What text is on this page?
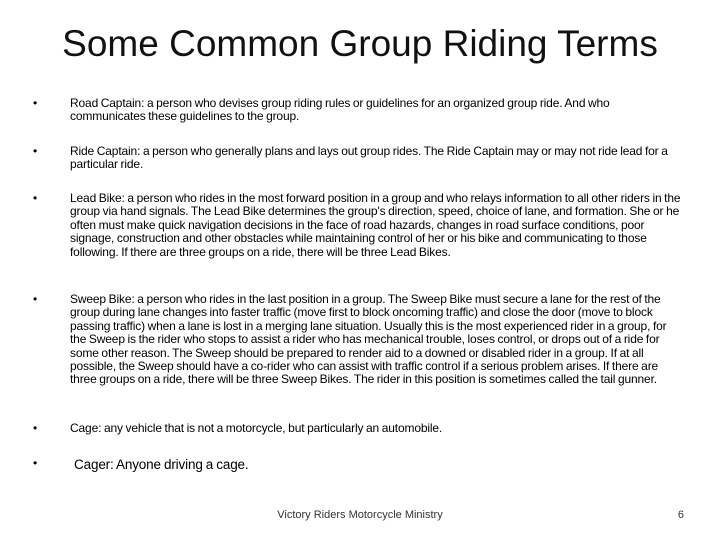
Some Common Group Riding Terms
•	Road Captain: a person who devises group riding rules or guidelines for an organized group ride. And who communicates these guidelines to the group.
•	Ride Captain: a person who generally plans and lays out group rides. The Ride Captain may or may not ride lead for a particular ride.
•	Lead Bike: a person who rides in the most forward position in a group and who relays information to all other riders in the group via hand signals. The Lead Bike determines the group's direction, speed, choice of lane, and formation. She or he often must make quick navigation decisions in the face of road hazards, changes in road surface conditions, poor signage, construction and other obstacles while maintaining control of her or his bike and communicating to those following. If there are three groups on a ride, there will be three Lead Bikes.
•	Sweep Bike: a person who rides in the last position in a group. The Sweep Bike must secure a lane for the rest of the group during lane changes into faster traffic (move first to block oncoming traffic) and close the door (move to block passing traffic) when a lane is lost in a merging lane situation. Usually this is the most experienced rider in a group, for the Sweep is the rider who stops to assist a rider who has mechanical trouble, loses control, or drops out of a ride for some other reason. The Sweep should be prepared to render aid to a downed or disabled rider in a group. If at all possible, the Sweep should have a co-rider who can assist with traffic control if a serious problem arises. If there are three groups on a ride, there will be three Sweep Bikes. The rider in this position is sometimes called the tail gunner.
•	Cage: any vehicle that is not a motorcycle, but particularly an automobile.
•	Cager: Anyone driving a cage.
Victory Riders Motorcycle Ministry	6
